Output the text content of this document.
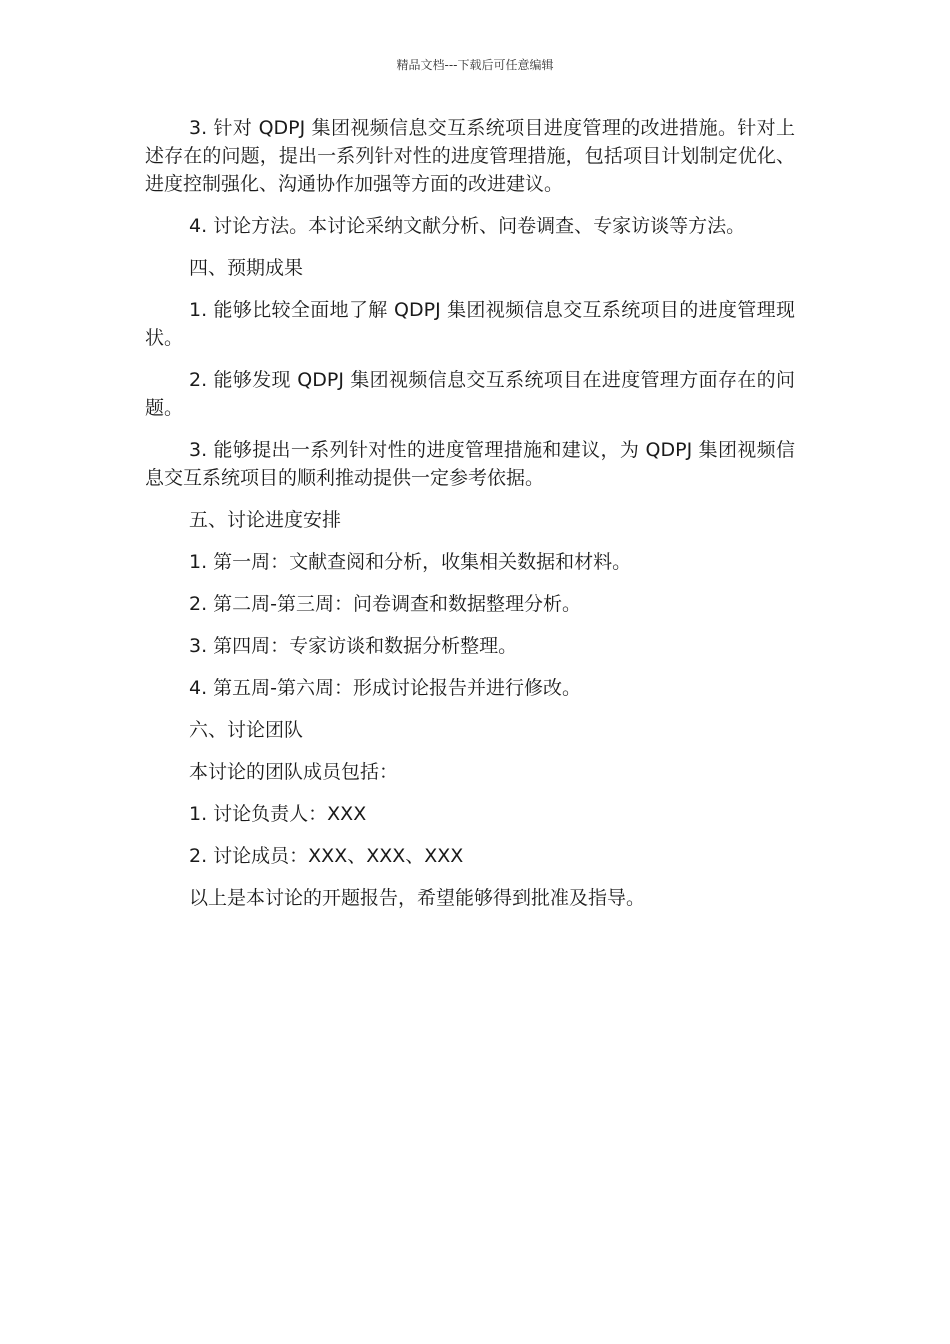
精品文档---下载后可任意编辑

3. 针对 QDPJ 集团视频信息交互系统项目进度管理的改进措施。针对上述存在的问题，提出一系列针对性的进度管理措施，包括项目计划制定优化、进度控制强化、沟通协作加强等方面的改进建议。

4. 讨论方法。本讨论采纳文献分析、问卷调查、专家访谈等方法。

四、预期成果

1. 能够比较全面地了解 QDPJ 集团视频信息交互系统项目的进度管理现状。

2. 能够发现 QDPJ 集团视频信息交互系统项目在进度管理方面存在的问题。

3. 能够提出一系列针对性的进度管理措施和建议，为 QDPJ 集团视频信息交互系统项目的顺利推动提供一定参考依据。

五、讨论进度安排

1. 第一周：文献查阅和分析，收集相关数据和材料。

2. 第二周-第三周：问卷调查和数据整理分析。

3. 第四周：专家访谈和数据分析整理。

4. 第五周-第六周：形成讨论报告并进行修改。

六、讨论团队

本讨论的团队成员包括：

1. 讨论负责人：XXX

2. 讨论成员：XXX、XXX、XXX

以上是本讨论的开题报告，希望能够得到批准及指导。
